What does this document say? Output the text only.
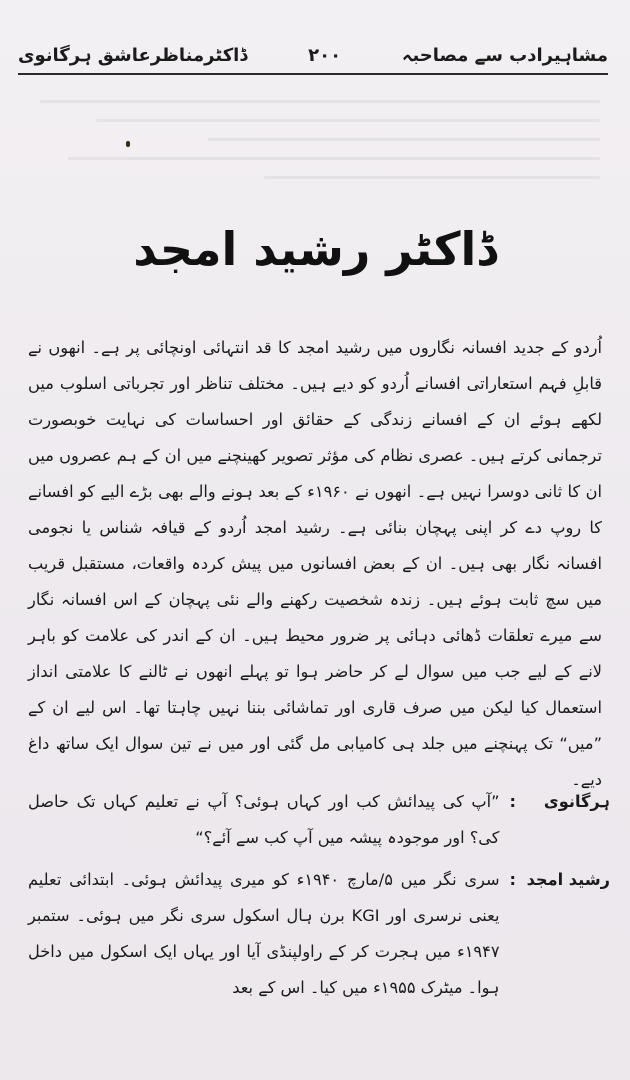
مشاہیرادب سے مصاحبہ
۲۰۰
ڈاکٹرمناظرعاشق ہرگانوی
ڈاکٹر رشید امجد

اُردو کے جدید افسانہ نگاروں میں رشید امجد کا قد انتہائی اونچائی پر ہے۔ انھوں نے قابلِ فہم استعاراتی افسانے اُردو کو دیے ہیں۔ مختلف تناظر اور تجرباتی اسلوب میں لکھے ہوئے ان کے افسانے زندگی کے حقائق اور احساسات کی نہایت خوبصورت ترجمانی کرتے ہیں۔ عصری نظام کی مؤثر تصویر کھینچنے میں ان کے ہم عصروں میں ان کا ثانی دوسرا نہیں ہے۔ انھوں نے ۱۹۶۰ء کے بعد ہونے والے بھی بڑے الیے کو افسانے کا روپ دے کر اپنی پہچان بنائی ہے۔ رشید امجد اُردو کے قیافہ شناس یا نجومی افسانہ نگار بھی ہیں۔ ان کے بعض افسانوں میں پیش کردہ واقعات، مستقبل قریب میں سچ ثابت ہوئے ہیں۔ زندہ شخصیت رکھنے والے نئی پہچان کے اس افسانہ نگار سے میرے تعلقات ڈھائی دہائی پر ضرور محیط ہیں۔ ان کے اندر کی علامت کو باہر لانے کے لیے جب میں سوال لے کر حاضر ہوا تو پہلے انھوں نے ٹالنے کا علامتی انداز استعمال کیا لیکن میں صرف قاری اور تماشائی بننا نہیں چاہتا تھا۔ اس لیے ان کے ”میں“ تک پہنچنے میں جلد ہی کامیابی مل گئی اور میں نے تین سوال ایک ساتھ داغ دیے۔

ہرگانوی
:
”آپ کی پیدائش کب اور کہاں ہوئی؟ آپ نے تعلیم کہاں تک حاصل کی؟ اور موجودہ پیشہ میں آپ کب سے آئے؟“
رشید امجد
:
سری نگر میں ۵/مارچ ۱۹۴۰ء کو میری پیدائش ہوئی۔ ابتدائی تعلیم یعنی نرسری اور KGI برن ہال اسکول سری نگر میں ہوئی۔ ستمبر ۱۹۴۷ء میں ہجرت کر کے راولپنڈی آیا اور یہاں ایک اسکول میں داخل ہوا۔ میٹرک ۱۹۵۵ء میں کیا۔ اس کے بعد
